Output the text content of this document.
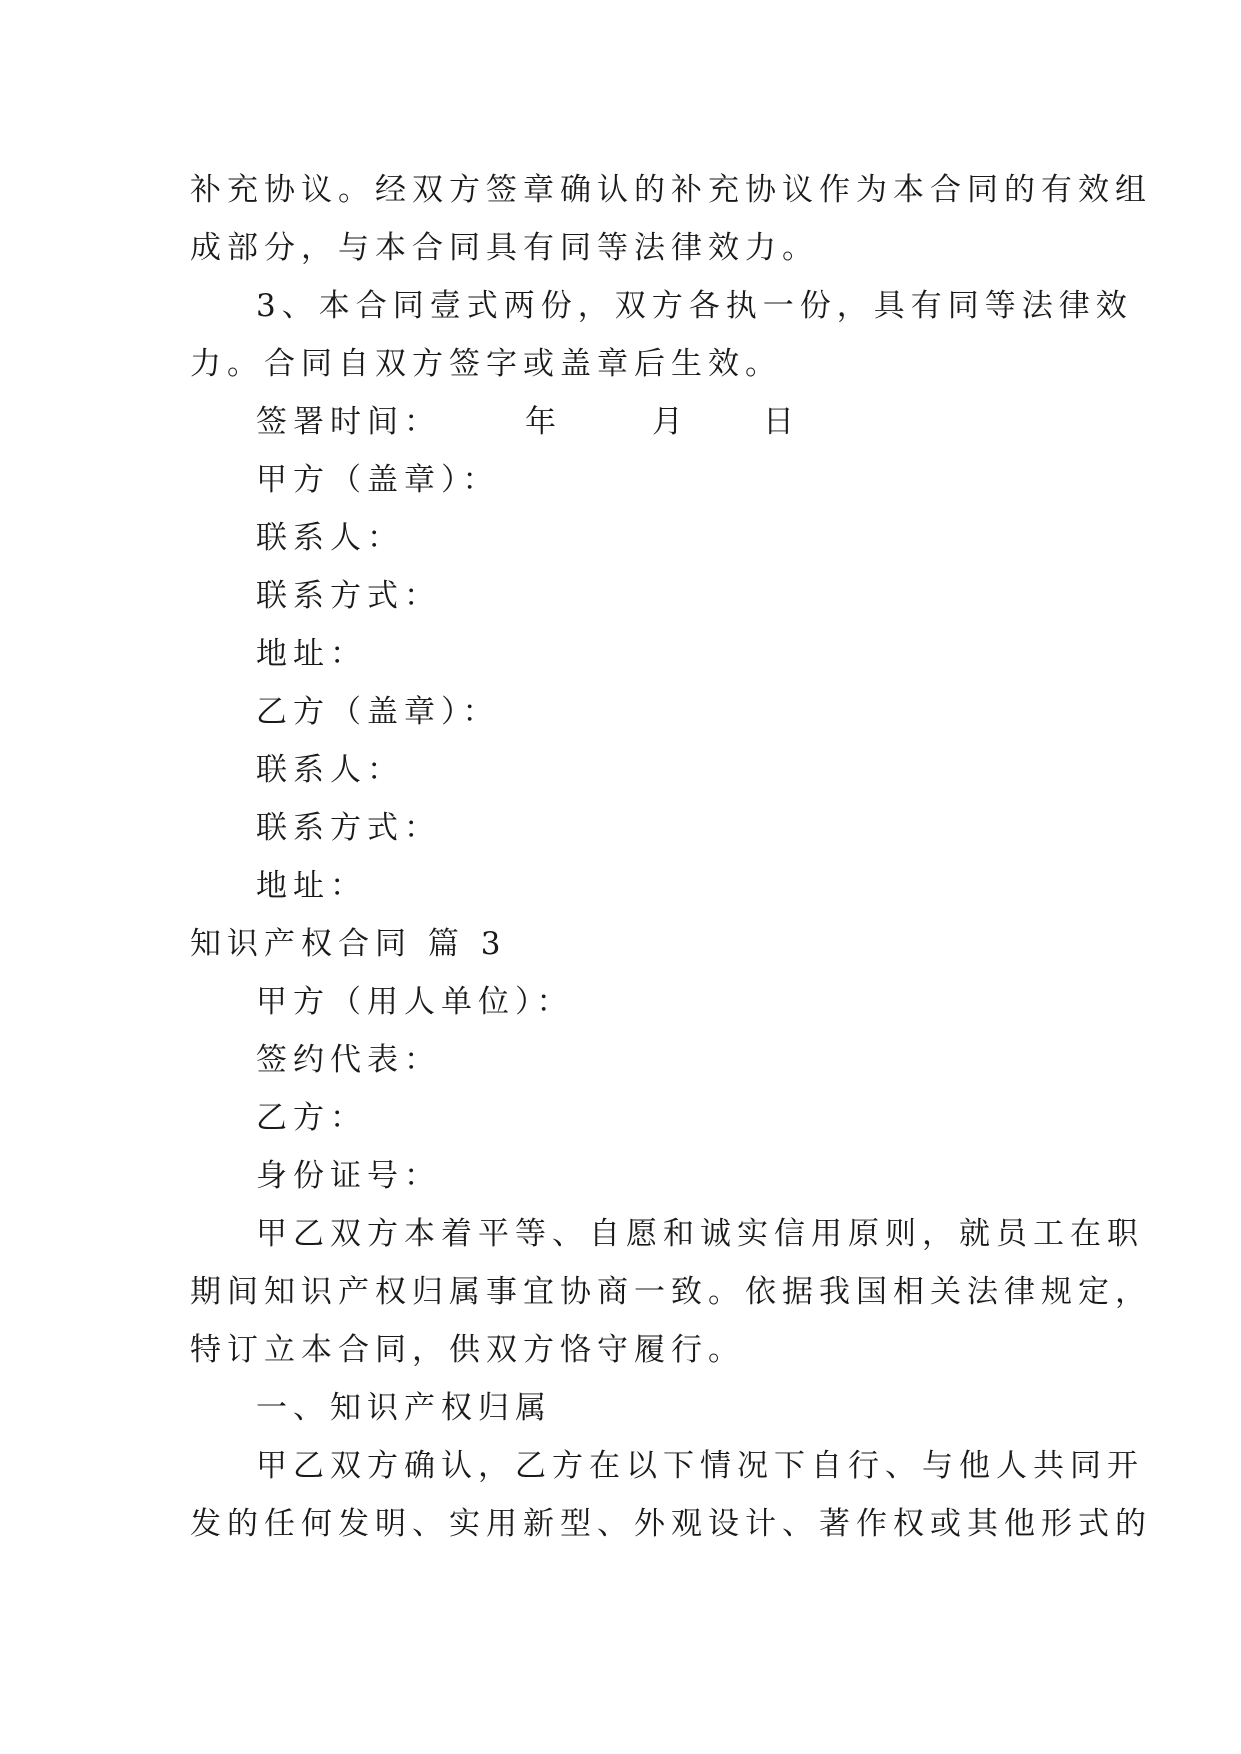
补充协议。经双方签章确认的补充协议作为本合同的有效组
成部分，与本合同具有同等法律效力。
3、本合同壹式两份，双方各执一份，具有同等法律效
力。合同自双方签字或盖章后生效。
签署时间：	年	月 日
甲方（盖章）：
联系人：
联系方式：
地址：
乙方（盖章）：
联系人：
联系方式：
地址：
知识产权合同 篇 3
甲方（用人单位）：
签约代表：
乙方：
身份证号：
甲乙双方本着平等、自愿和诚实信用原则，就员工在职
期间知识产权归属事宜协商一致。依据我国相关法律规定，
特订立本合同，供双方恪守履行。
一、知识产权归属
甲乙双方确认，乙方在以下情况下自行、与他人共同开
发的任何发明、实用新型、外观设计、著作权或其他形式的
